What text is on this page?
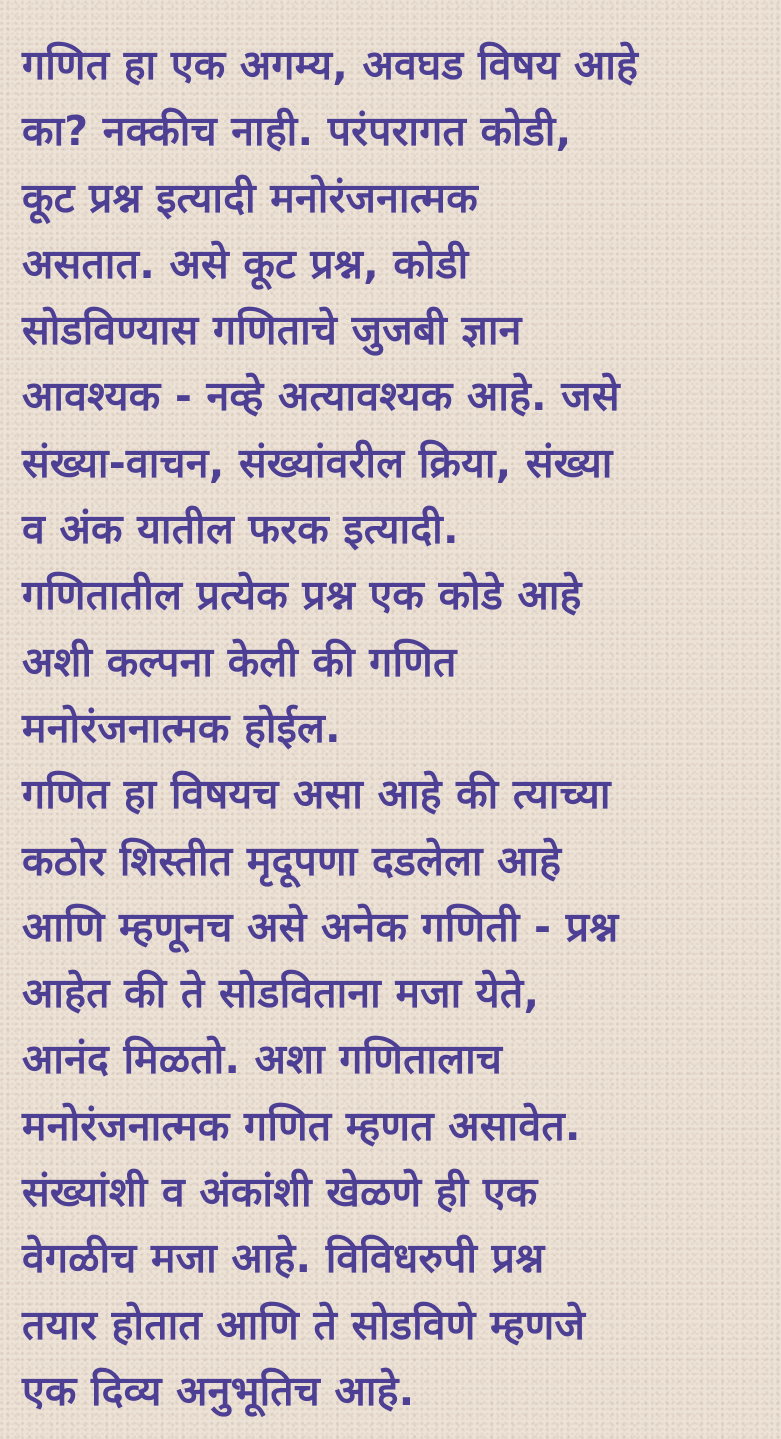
गणित हा एक अगम्य, अवघड विषय आहे
का? नक्कीच नाही. परंपरागत कोडी,
कूट प्रश्न इत्यादी मनोरंजनात्मक
असतात. असे कूट प्रश्न, कोडी
सोडविण्यास गणिताचे जुजबी ज्ञान
आवश्यक - नव्हे अत्यावश्यक आहे. जसे
संख्या-वाचन, संख्यांवरील क्रिया, संख्या
व अंक यातील फरक इत्यादी.
गणितातील प्रत्येक प्रश्न एक कोडे आहे
अशी कल्पना केली की गणित
मनोरंजनात्मक होईल.
गणित हा विषयच असा आहे की त्याच्या
कठोर शिस्तीत मृदूपणा दडलेला आहे
आणि म्हणूनच असे अनेक गणिती - प्रश्न
आहेत की ते सोडविताना मजा येते,
आनंद मिळतो. अशा गणितालाच
मनोरंजनात्मक गणित म्हणत असावेत.
संख्यांशी व अंकांशी खेळणे ही एक
वेगळीच मजा आहे. विविधरुपी प्रश्न
तयार होतात आणि ते सोडविणे म्हणजे
एक दिव्य अनुभूतिच आहे.
